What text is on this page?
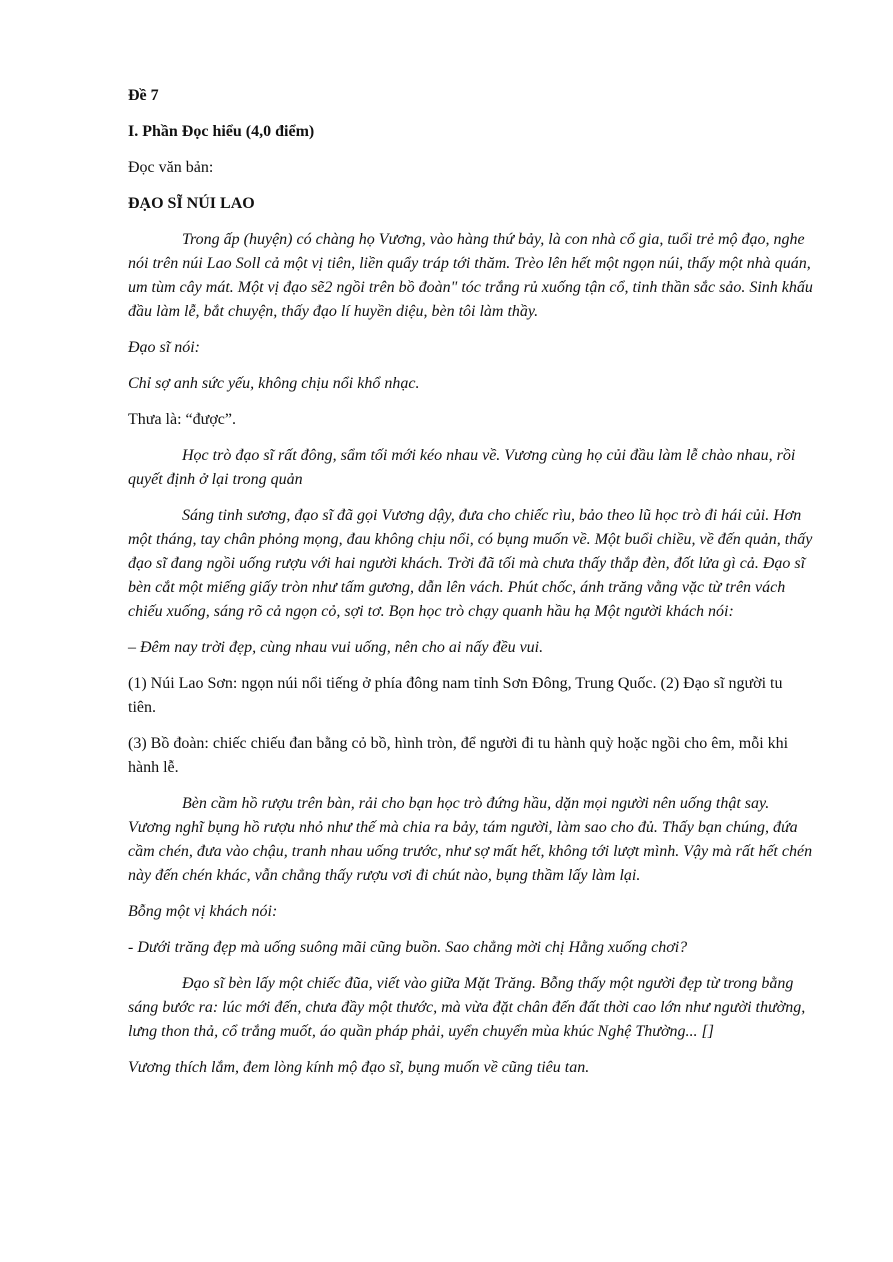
Đề 7

I. Phần Đọc hiểu (4,0 điểm)

Đọc văn bản:

ĐẠO SĨ NÚI LAO

Trong ấp (huyện) có chàng họ Vương, vào hàng thứ bảy, là con nhà cổ gia, tuổi trẻ mộ đạo, nghe nói trên núi Lao Soll cả một vị tiên, liền quẩy tráp tới thăm. Trèo lên hết một ngọn núi, thấy một nhà quán, um tùm cây mát. Một vị đạo sẽ2 ngồi trên bồ đoàn" tóc trắng rủ xuống tận cổ, tinh thần sắc sảo. Sinh khấu đầu làm lễ, bắt chuyện, thấy đạo lí huyền diệu, bèn tôi làm thầy.

Đạo sĩ nói:

Chỉ sợ anh sức yếu, không chịu nổi khổ nhạc.

Thưa là: “được”.

Học trò đạo sĩ rất đông, sẩm tối mới kéo nhau về. Vương cùng họ củi đầu làm lễ chào nhau, rồi quyết định ở lại trong quản

Sáng tinh sương, đạo sĩ đã gọi Vương dậy, đưa cho chiếc rìu, bảo theo lũ học trò đi hái củi. Hơn một tháng, tay chân phỏng mọng, đau không chịu nổi, có bụng muốn về. Một buổi chiều, về đến quản, thấy đạo sĩ đang ngồi uống rượu với hai người khách. Trời đã tối mà chưa thấy thắp đèn, đốt lửa gì cả. Đạo sĩ bèn cắt một miếng giấy tròn như tấm gương, dẫn lên vách. Phút chốc, ánh trăng vằng vặc từ trên vách chiếu xuống, sáng rõ cả ngọn cỏ, sợi tơ. Bọn học trò chạy quanh hầu hạ Một người khách nói:

– Đêm nay trời đẹp, cùng nhau vui uống, nên cho ai nấy đều vui.

(1) Núi Lao Sơn: ngọn núi nổi tiếng ở phía đông nam tỉnh Sơn Đông, Trung Quốc. (2) Đạo sĩ người tu tiên.

(3) Bồ đoàn: chiếc chiếu đan bằng cỏ bồ, hình tròn, để người đi tu hành quỳ hoặc ngồi cho êm, mỗi khi hành lễ.

Bèn cầm hồ rượu trên bàn, rải cho bạn học trò đứng hầu, dặn mọi người nên uống thật say. Vương nghĩ bụng hồ rượu nhỏ như thế mà chia ra bảy, tám người, làm sao cho đủ. Thấy bạn chúng, đứa cầm chén, đưa vào chậu, tranh nhau uống trước, như sợ mất hết, không tới lượt mình. Vậy mà rất hết chén này đến chén khác, vẫn chẳng thấy rượu vơi đi chút nào, bụng thầm lấy làm lại.

Bỗng một vị khách nói:

- Dưới trăng đẹp mà uống suông mãi cũng buồn. Sao chẳng mời chị Hằng xuống chơi?

Đạo sĩ bèn lấy một chiếc đũa, viết vào giữa Mặt Trăng. Bỗng thấy một người đẹp từ trong bằng sáng bước ra: lúc mới đến, chưa đầy một thước, mà vừa đặt chân đến đất thời cao lớn như người thường, lưng thon thả, cổ trắng muốt, áo quần pháp phải, uyển chuyển mùa khúc Nghệ Thường... []

Vương thích lắm, đem lòng kính mộ đạo sĩ, bụng muốn về cũng tiêu tan.
